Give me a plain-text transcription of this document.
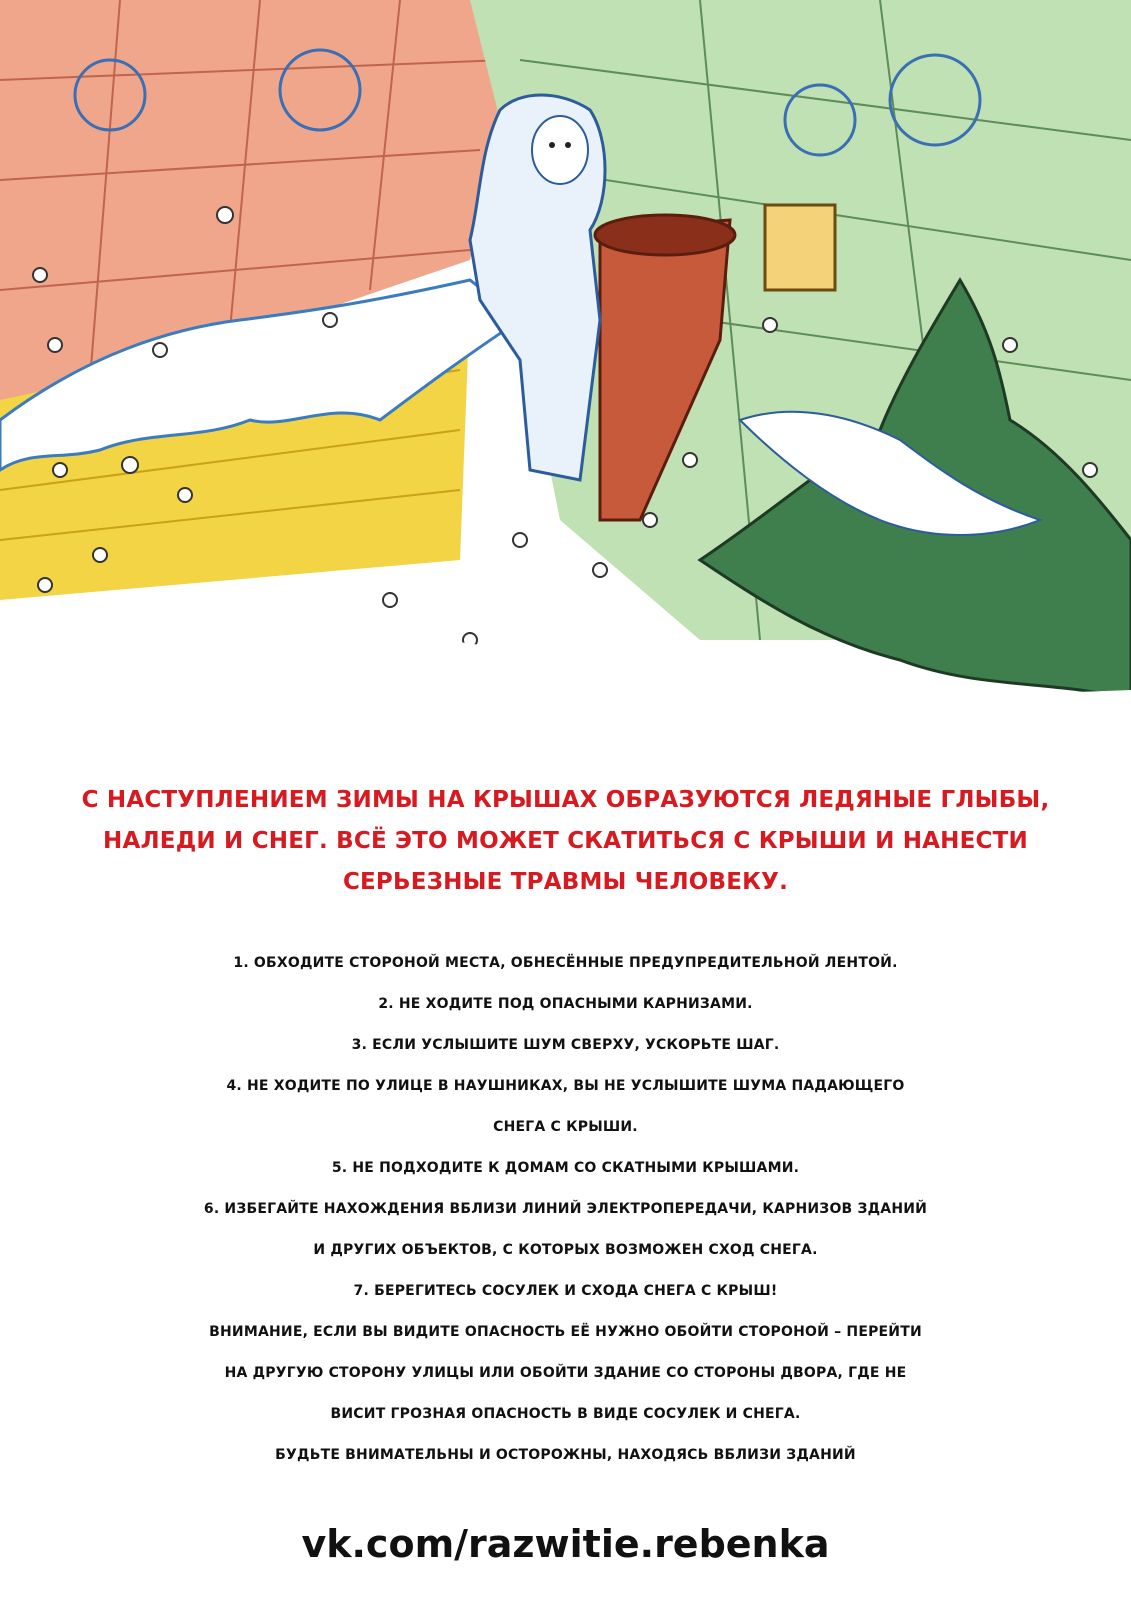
С НАСТУПЛЕНИЕМ ЗИМЫ НА КРЫШАХ ОБРАЗУЮТСЯ ЛЕДЯНЫЕ ГЛЫБЫ, НАЛЕДИ И СНЕГ. ВСЁ ЭТО МОЖЕТ СКАТИТЬСЯ С КРЫШИ И НАНЕСТИ СЕРЬЕЗНЫЕ ТРАВМЫ ЧЕЛОВЕКУ.
1. ОБХОДИТЕ СТОРОНОЙ МЕСТА, ОБНЕСЁННЫЕ ПРЕДУПРЕДИТЕЛЬНОЙ ЛЕНТОЙ.
2. НЕ ХОДИТЕ ПОД ОПАСНЫМИ КАРНИЗАМИ.
3. ЕСЛИ УСЛЫШИТЕ ШУМ СВЕРХУ, УСКОРЬТЕ ШАГ.
4. НЕ ХОДИТЕ ПО УЛИЦЕ В НАУШНИКАХ, ВЫ НЕ УСЛЫШИТЕ ШУМА ПАДАЮЩЕГО
СНЕГА С КРЫШИ.
5. НЕ ПОДХОДИТЕ К ДОМАМ СО СКАТНЫМИ КРЫШАМИ.
6. ИЗБЕГАЙТЕ НАХОЖДЕНИЯ ВБЛИЗИ ЛИНИЙ ЭЛЕКТРОПЕРЕДАЧИ, КАРНИЗОВ ЗДАНИЙ
И ДРУГИХ ОБЪЕКТОВ, С КОТОРЫХ ВОЗМОЖЕН СХОД СНЕГА.
7. БЕРЕГИТЕСЬ СОСУЛЕК И СХОДА СНЕГА С КРЫШ!
ВНИМАНИЕ, ЕСЛИ ВЫ ВИДИТЕ ОПАСНОСТЬ ЕЁ НУЖНО ОБОЙТИ СТОРОНОЙ – ПЕРЕЙТИ
НА ДРУГУЮ СТОРОНУ УЛИЦЫ ИЛИ ОБОЙТИ ЗДАНИЕ СО СТОРОНЫ ДВОРА, ГДЕ НЕ
ВИСИТ ГРОЗНАЯ ОПАСНОСТЬ В ВИДЕ СОСУЛЕК И СНЕГА.
БУДЬТЕ ВНИМАТЕЛЬНЫ И ОСТОРОЖНЫ, НАХОДЯСЬ ВБЛИЗИ ЗДАНИЙ
vk.com/razwitie.rebenka
